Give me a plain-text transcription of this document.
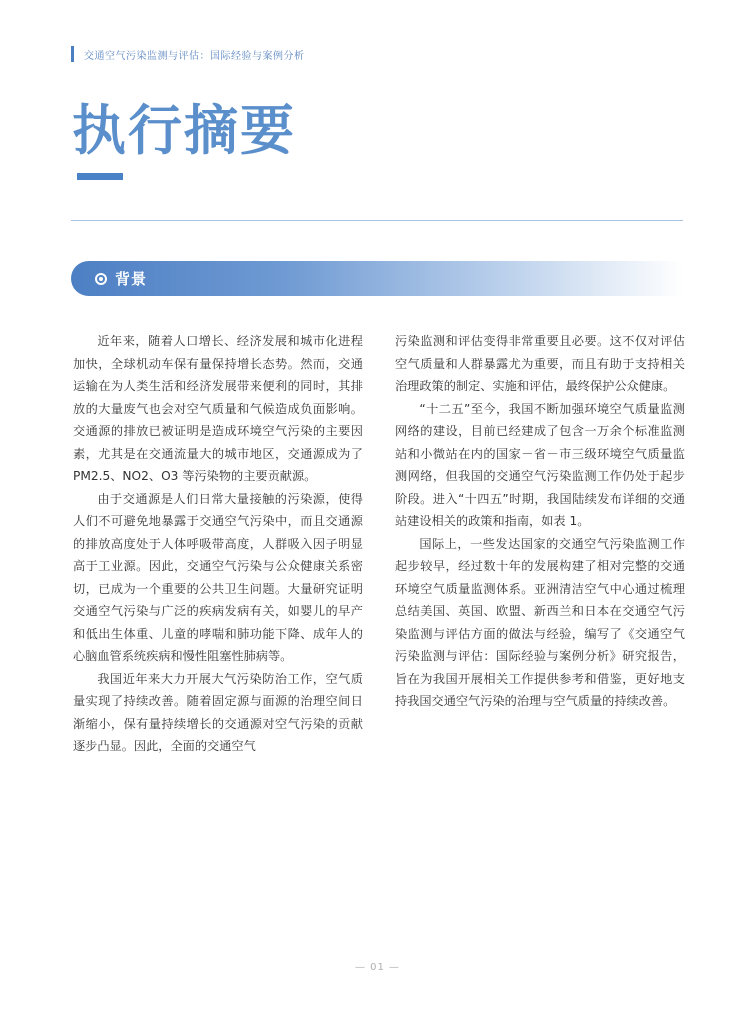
交通空气污染监测与评估：国际经验与案例分析
执行摘要
背景

近年来，随着人口增长、经济发展和城市化进程加快，全球机动车保有量保持增长态势。然而，交通运输在为人类生活和经济发展带来便利的同时，其排放的大量废气也会对空气质量和气候造成负面影响。交通源的排放已被证明是造成环境空气污染的主要因素，尤其是在交通流量大的城市地区，交通源成为了 PM2.5、NO2、O3 等污染物的主要贡献源。

由于交通源是人们日常大量接触的污染源，使得人们不可避免地暴露于交通空气污染中，而且交通源的排放高度处于人体呼吸带高度，人群吸入因子明显高于工业源。因此，交通空气污染与公众健康关系密切，已成为一个重要的公共卫生问题。大量研究证明交通空气污染与广泛的疾病发病有关，如婴儿的早产和低出生体重、儿童的哮喘和肺功能下降、成年人的心脑血管系统疾病和慢性阻塞性肺病等。

我国近年来大力开展大气污染防治工作，空气质量实现了持续改善。随着固定源与面源的治理空间日渐缩小，保有量持续增长的交通源对空气污染的贡献逐步凸显。因此，全面的交通空气

污染监测和评估变得非常重要且必要。这不仅对评估空气质量和人群暴露尤为重要，而且有助于支持相关治理政策的制定、实施和评估，最终保护公众健康。

“十二五”至今，我国不断加强环境空气质量监测网络的建设，目前已经建成了包含一万余个标准监测站和小微站在内的国家－省－市三级环境空气质量监测网络，但我国的交通空气污染监测工作仍处于起步阶段。进入“十四五”时期，我国陆续发布详细的交通站建设相关的政策和指南，如表 1。

国际上，一些发达国家的交通空气污染监测工作起步较早，经过数十年的发展构建了相对完整的交通环境空气质量监测体系。亚洲清洁空气中心通过梳理总结美国、英国、欧盟、新西兰和日本在交通空气污染监测与评估方面的做法与经验，编写了《交通空气污染监测与评估：国际经验与案例分析》研究报告，旨在为我国开展相关工作提供参考和借鉴，更好地支持我国交通空气污染的治理与空气质量的持续改善。

— 01 —
